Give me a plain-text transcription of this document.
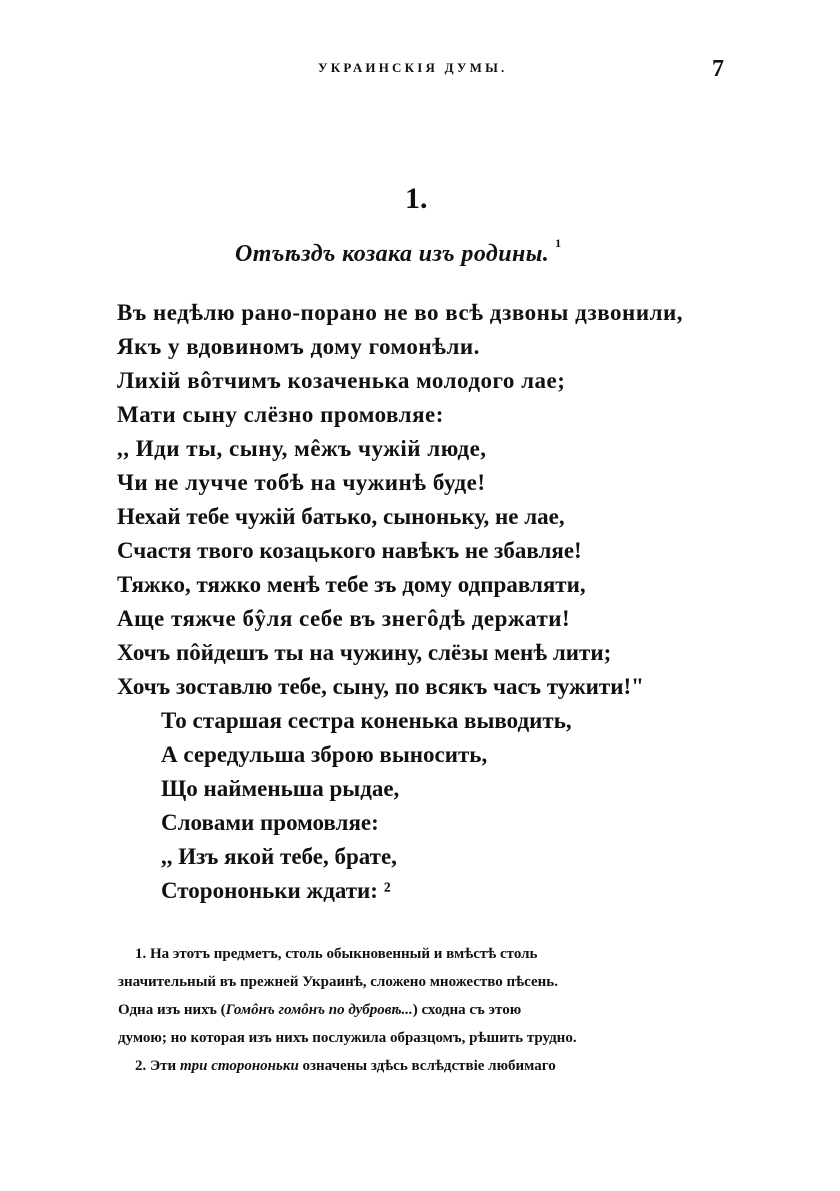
УКРАИНСКІЯ ДУМЫ.	7
1.
Отъѣздъ козака изъ родины. $^1$
Въ недѣлю рано-порано не во всѣ дзвоны дзвонили,
Якъ у вдовиномъ дому гомонѣли.
Лихій вôтчимъ козаченька молодого лае;
Мати сыну слёзно промовляе:
,, Иди ты, сыну, мêжъ чужій люде,
Чи не лучче тобѣ на чужинѣ буде!
Нехай тебе чужій батько, сыноньку, не лае,
Счастя твого козацького навѣкъ не збавляе!
Тяжко, тяжко менѣ тебе зъ дому одправляти,
Аще тяжче бŷля себе въ знегôдѣ держати!
Хочъ пôйдешъ ты на чужину, слёзы менѣ лити;
Хочъ зоставлю тебе, сыну, по всякъ часъ тужити!"
То старшая сестра коненька выводить,
А середульша зброю выносить,
Що найменьша рыдае,
Словами промовляе:
,, Изъ якой тебе, брате,
Сторононьки ждати: ²
1. На этотъ предметъ, столь обыкновенный и вмѣстѣ столь
значительный въ прежней Украинѣ, сложено множество пѣсень.
Одна изъ нихъ (Гомôнъ гомôнъ по дубровѣ...) сходна съ этою
думою; но которая изъ нихъ послужила образцомъ, рѣшить трудно.
2. Эти три сторононьки означены здѣсь вслѣдствіе любимаго
